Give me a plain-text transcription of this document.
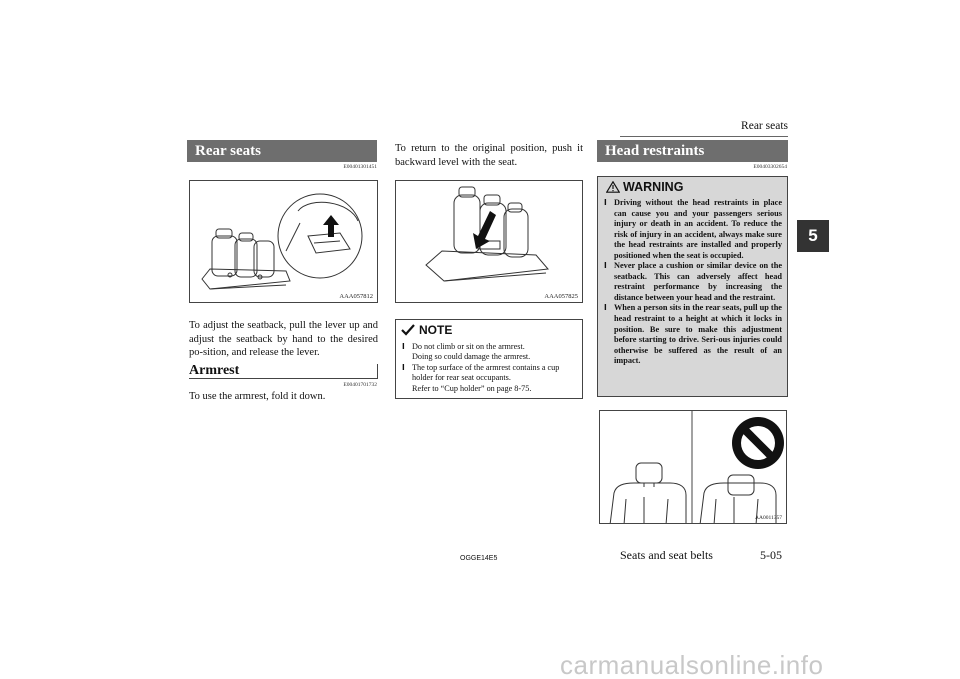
Rear seats
5
Rear seats
E00401301451
AAA057812
To adjust the seatback, pull the lever up and adjust the seatback by hand to the desired po-sition, and release the lever.
Armrest
E00401701732
To use the armrest, fold it down.
To return to the original position, push it backward level with the seat.
AAA057825
NOTE
l Do not climb or sit on the armrest.
Doing so could damage the armrest.
l The top surface of the armrest contains a cup holder for rear seat occupants.
Refer to “Cup holder” on page 8-75.
Head restraints
E00403302654
WARNING
l Driving without the head restraints in place can cause you and your passengers serious injury or death in an accident. To reduce the risk of injury in an accident, always make sure the head restraints are installed and properly positioned when the seat is occupied.
l Never place a cushion or similar device on the seatback. This can adversely affect head restraint performance by increasing the distance between your head and the restraint.
l When a person sits in the rear seats, pull up the head restraint to a height at which it locks in position. Be sure to make this adjustment before starting to drive. Seri-ous injuries could otherwise be suffered as the result of an impact.
AA0011357
OGGE14E5	Seats and seat belts	5-05
carmanualsonline.info
